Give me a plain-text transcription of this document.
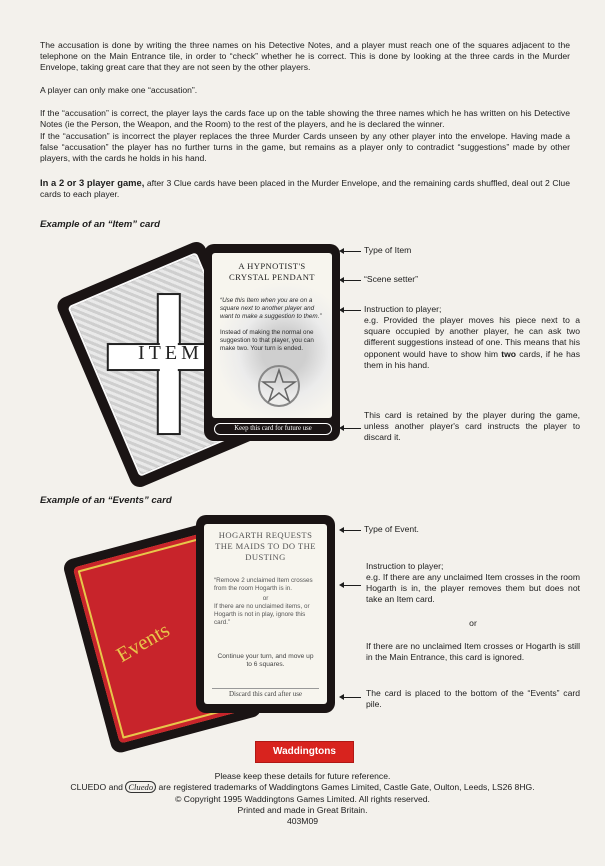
The accusation is done by writing the three names on his Detective Notes, and a player must reach one of the squares adjacent to the telephone on the Main Entrance tile, in order to “check” whether he is correct. This is done by looking at the three cards in the Murder Envelope, taking great care that they are not seen by the other players.

A player can only make one “accusation”.

If the “accusation” is correct, the player lays the cards face up on the table showing the three names which he has written on his Detective Notes (ie the Person, the Weapon, and the Room) to the rest of the players, and he is declared the winner.

If the “accusation” is incorrect the player replaces the three Murder Cards unseen by any other player into the envelope. Having made a false “accusation” the player has no further turns in the game, but remains as a player only to contradict “suggestions” made by other players, with the cards he holds in his hand.

In a 2 or 3 player game, after 3 Clue cards have been placed in the Murder Envelope, and the remaining cards shuffled, deal out 2 Clue cards to each player.

Example of an “Item” card

ITEM
A HYPNOTIST'S
CRYSTAL PENDANT
“Use this Item when you are on a square next to another player and want to make a suggestion to them.”
Instead of making the normal one suggestion to that player, you can make two. Your turn is ended.
Keep this card for future use
Type of Item
“Scene setter”
Instruction to player;
e.g. Provided the player moves his piece next to a square occupied by another player, he can ask two different suggestions instead of one. This means that his opponent would have to show him two cards, if he has them in his hand.
This card is retained by the player during the game, unless another player's card instructs the player to discard it.

Example of an “Events” card

Events
HOGARTH REQUESTS
THE MAIDS TO DO THE
DUSTING
“Remove 2 unclaimed Item crosses from the room Hogarth is in.
or
If there are no unclaimed items, or Hogarth is not in play, ignore this card.”
Continue your turn, and move up to 6 squares.
Discard this card after use
Type of Event.
Instruction to player;
e.g. If there are any unclaimed Item crosses in the room Hogarth is in, the player removes them but does not take an Item card.
or
If there are no unclaimed Item crosses or Hogarth is still in the Main Entrance, this card is ignored.
The card is placed to the bottom of the “Events” card pile.
Waddingtons
Please keep these details for future reference.
CLUEDO and Cluedo are registered trademarks of Waddingtons Games Limited, Castle Gate, Oulton, Leeds, LS26 8HG.
© Copyright 1995 Waddingtons Games Limited. All rights reserved.
Printed and made in Great Britain.
403M09
